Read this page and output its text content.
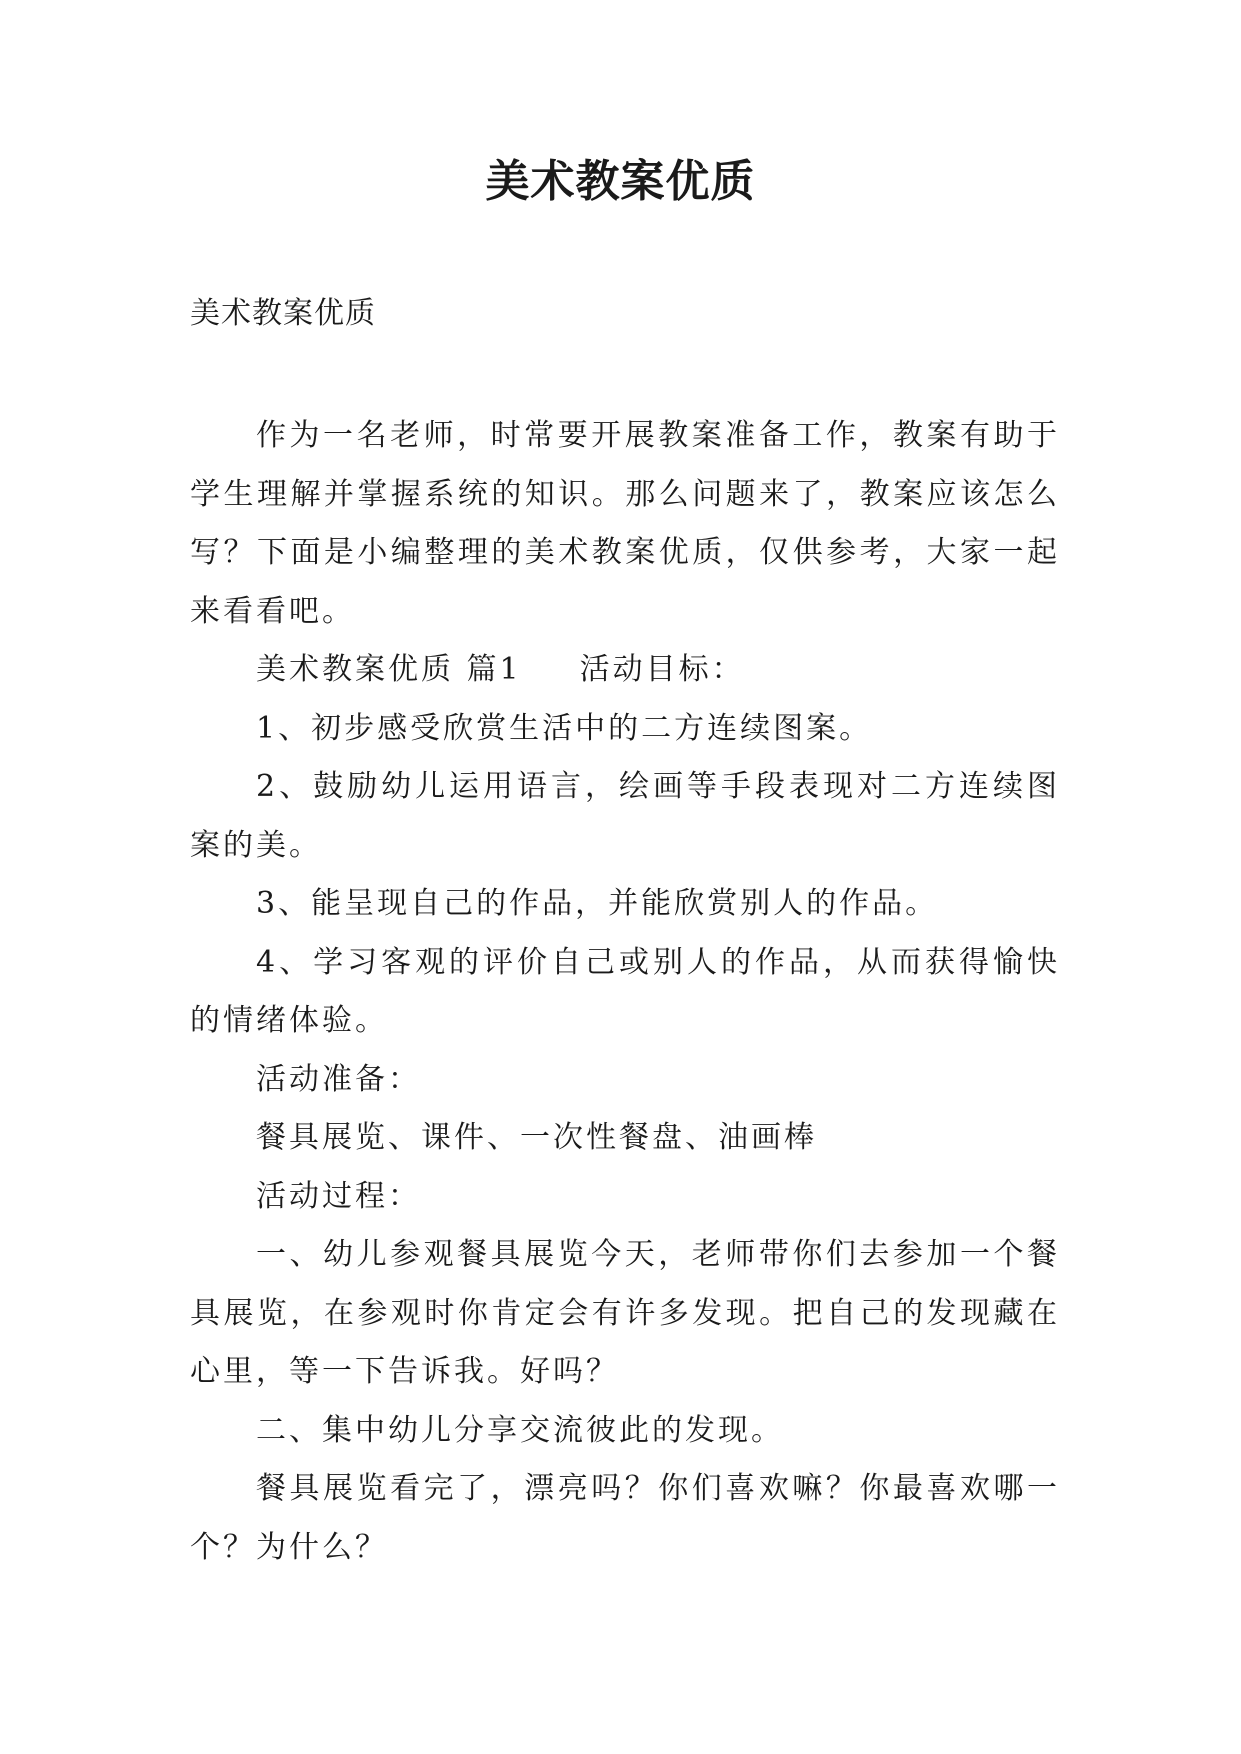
美术教案优质

美术教案优质

作为一名老师，时常要开展教案准备工作，教案有助于学生理解并掌握系统的知识。那么问题来了，教案应该怎么写？下面是小编整理的美术教案优质，仅供参考，大家一起来看看吧。

美术教案优质 篇1 活动目标：

1、初步感受欣赏生活中的二方连续图案。

2、鼓励幼儿运用语言，绘画等手段表现对二方连续图案的美。

3、能呈现自己的作品，并能欣赏别人的作品。

4、学习客观的评价自己或别人的作品，从而获得愉快的情绪体验。

活动准备：

餐具展览、课件、一次性餐盘、油画棒

活动过程：

一、幼儿参观餐具展览今天，老师带你们去参加一个餐具展览，在参观时你肯定会有许多发现。把自己的发现藏在心里，等一下告诉我。好吗？

二、集中幼儿分享交流彼此的发现。

餐具展览看完了，漂亮吗？你们喜欢嘛？你最喜欢哪一个？为什么？
